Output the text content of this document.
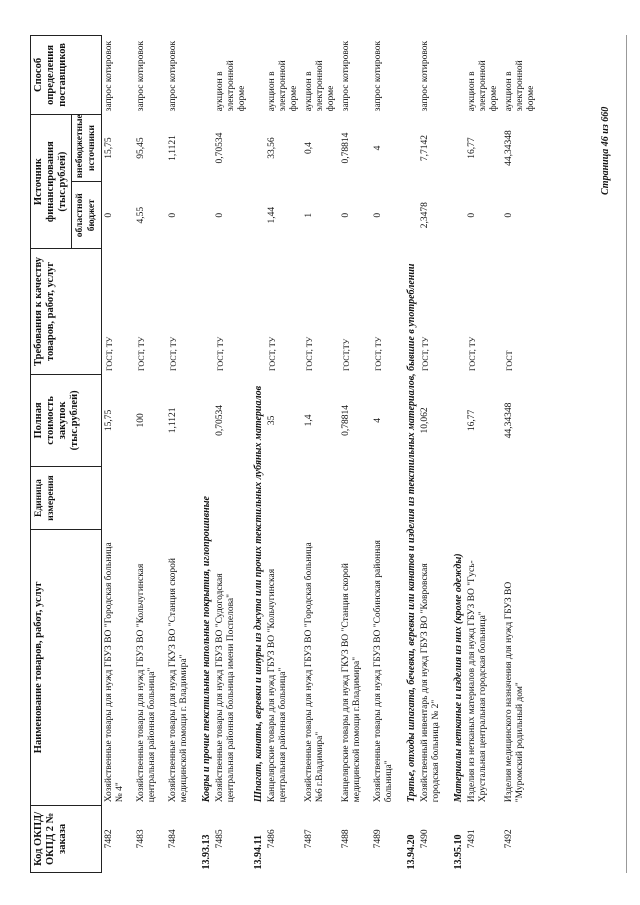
Код ОКПД/ ОКПД 2 № заказа	Наименование товаров, работ, услуг	Единица измерения	Полная стоимость закупок (тыс.рублей)	Требования к качеству товаров, работ, услуг	Источник финансирования (тыс.рублей)		Способ определения поставщиков
					областной бюджет	внебюджетные источники	
7482	Хозяйственные товары для нужд ГБУЗ ВО "Городская больница № 4"		15,75	ГОСТ, ТУ	0	15,75	запрос котировок
7483	Хозяйственные товары для нужд ГБУЗ ВО "Кольчугинская центральная районная больница"		100	ГОСТ, ТУ	4,55	95,45	запрос котировок
7484	Хозяйственные товары для нужд ГКУЗ ВО "Станция скорой медицинской помощи г. Владимира"		1,1121	ГОСТ, ТУ	0	1,1121	запрос котировок
13.93.13	Ковры и прочие текстильные напольные покрытия, иглопрошивные						
7485	Хозяйственные товары для нужд ГБУЗ ВО "Судогодская центральная районная больница имени Поспелова"		0,70534	ГОСТ, ТУ	0	0,70534	аукцион в электронной форме
13.94.11	Шпагат, канаты, веревки и шнуры из джута или прочих текстильных лубяных материалов						
7486	Канцелярские товары для нужд ГБУЗ ВО "Кольчугинская центральная районная больница"		35	ГОСТ, ТУ	1,44	33,56	аукцион в электронной форме
7487	Хозяйственные товары для нужд ГБУЗ ВО "Городская больница №6 г.Владимира"		1,4	ГОСТ, ТУ	1	0,4	аукцион в электронной форме
7488	Канцелярские товары для нужд ГКУЗ ВО "Станция скорой медицинской помощи г.Владимира"		0,78814	ГОСТ,ТУ	0	0,78814	запрос котировок
7489	Хозяйственные товары для нужд ГБУЗ ВО "Собинская районная больница"		4	ГОСТ, ТУ	0	4	запрос котировок
13.94.20	Тряпье, отходы шпагата, бечевки, веревки или канатов и изделия из текстильных материалов, бывшие в употреблении						
7490	Хозяйственный инвентарь для нужд ГБУЗ ВО "Ковровская городская больница № 2"		10,062	ГОСТ, ТУ	2,3478	7,7142	запрос котировок
13.95.10	Материалы нетканые и изделия из них (кроме одежды)						
7491	Изделия из нетканых материалов для нужд ГБУЗ ВО "Гусь-Хрустальная центральная городская больница"		16,77	ГОСТ, ТУ	0	16,77	аукцион в электронной форме
7492	Изделия медицинского назначения для нужд ГБУЗ ВО "Муромский родильный дом"		44,34348	ГОСТ	0	44,34348	аукцион в электронной форме
Страница 46 из 660
